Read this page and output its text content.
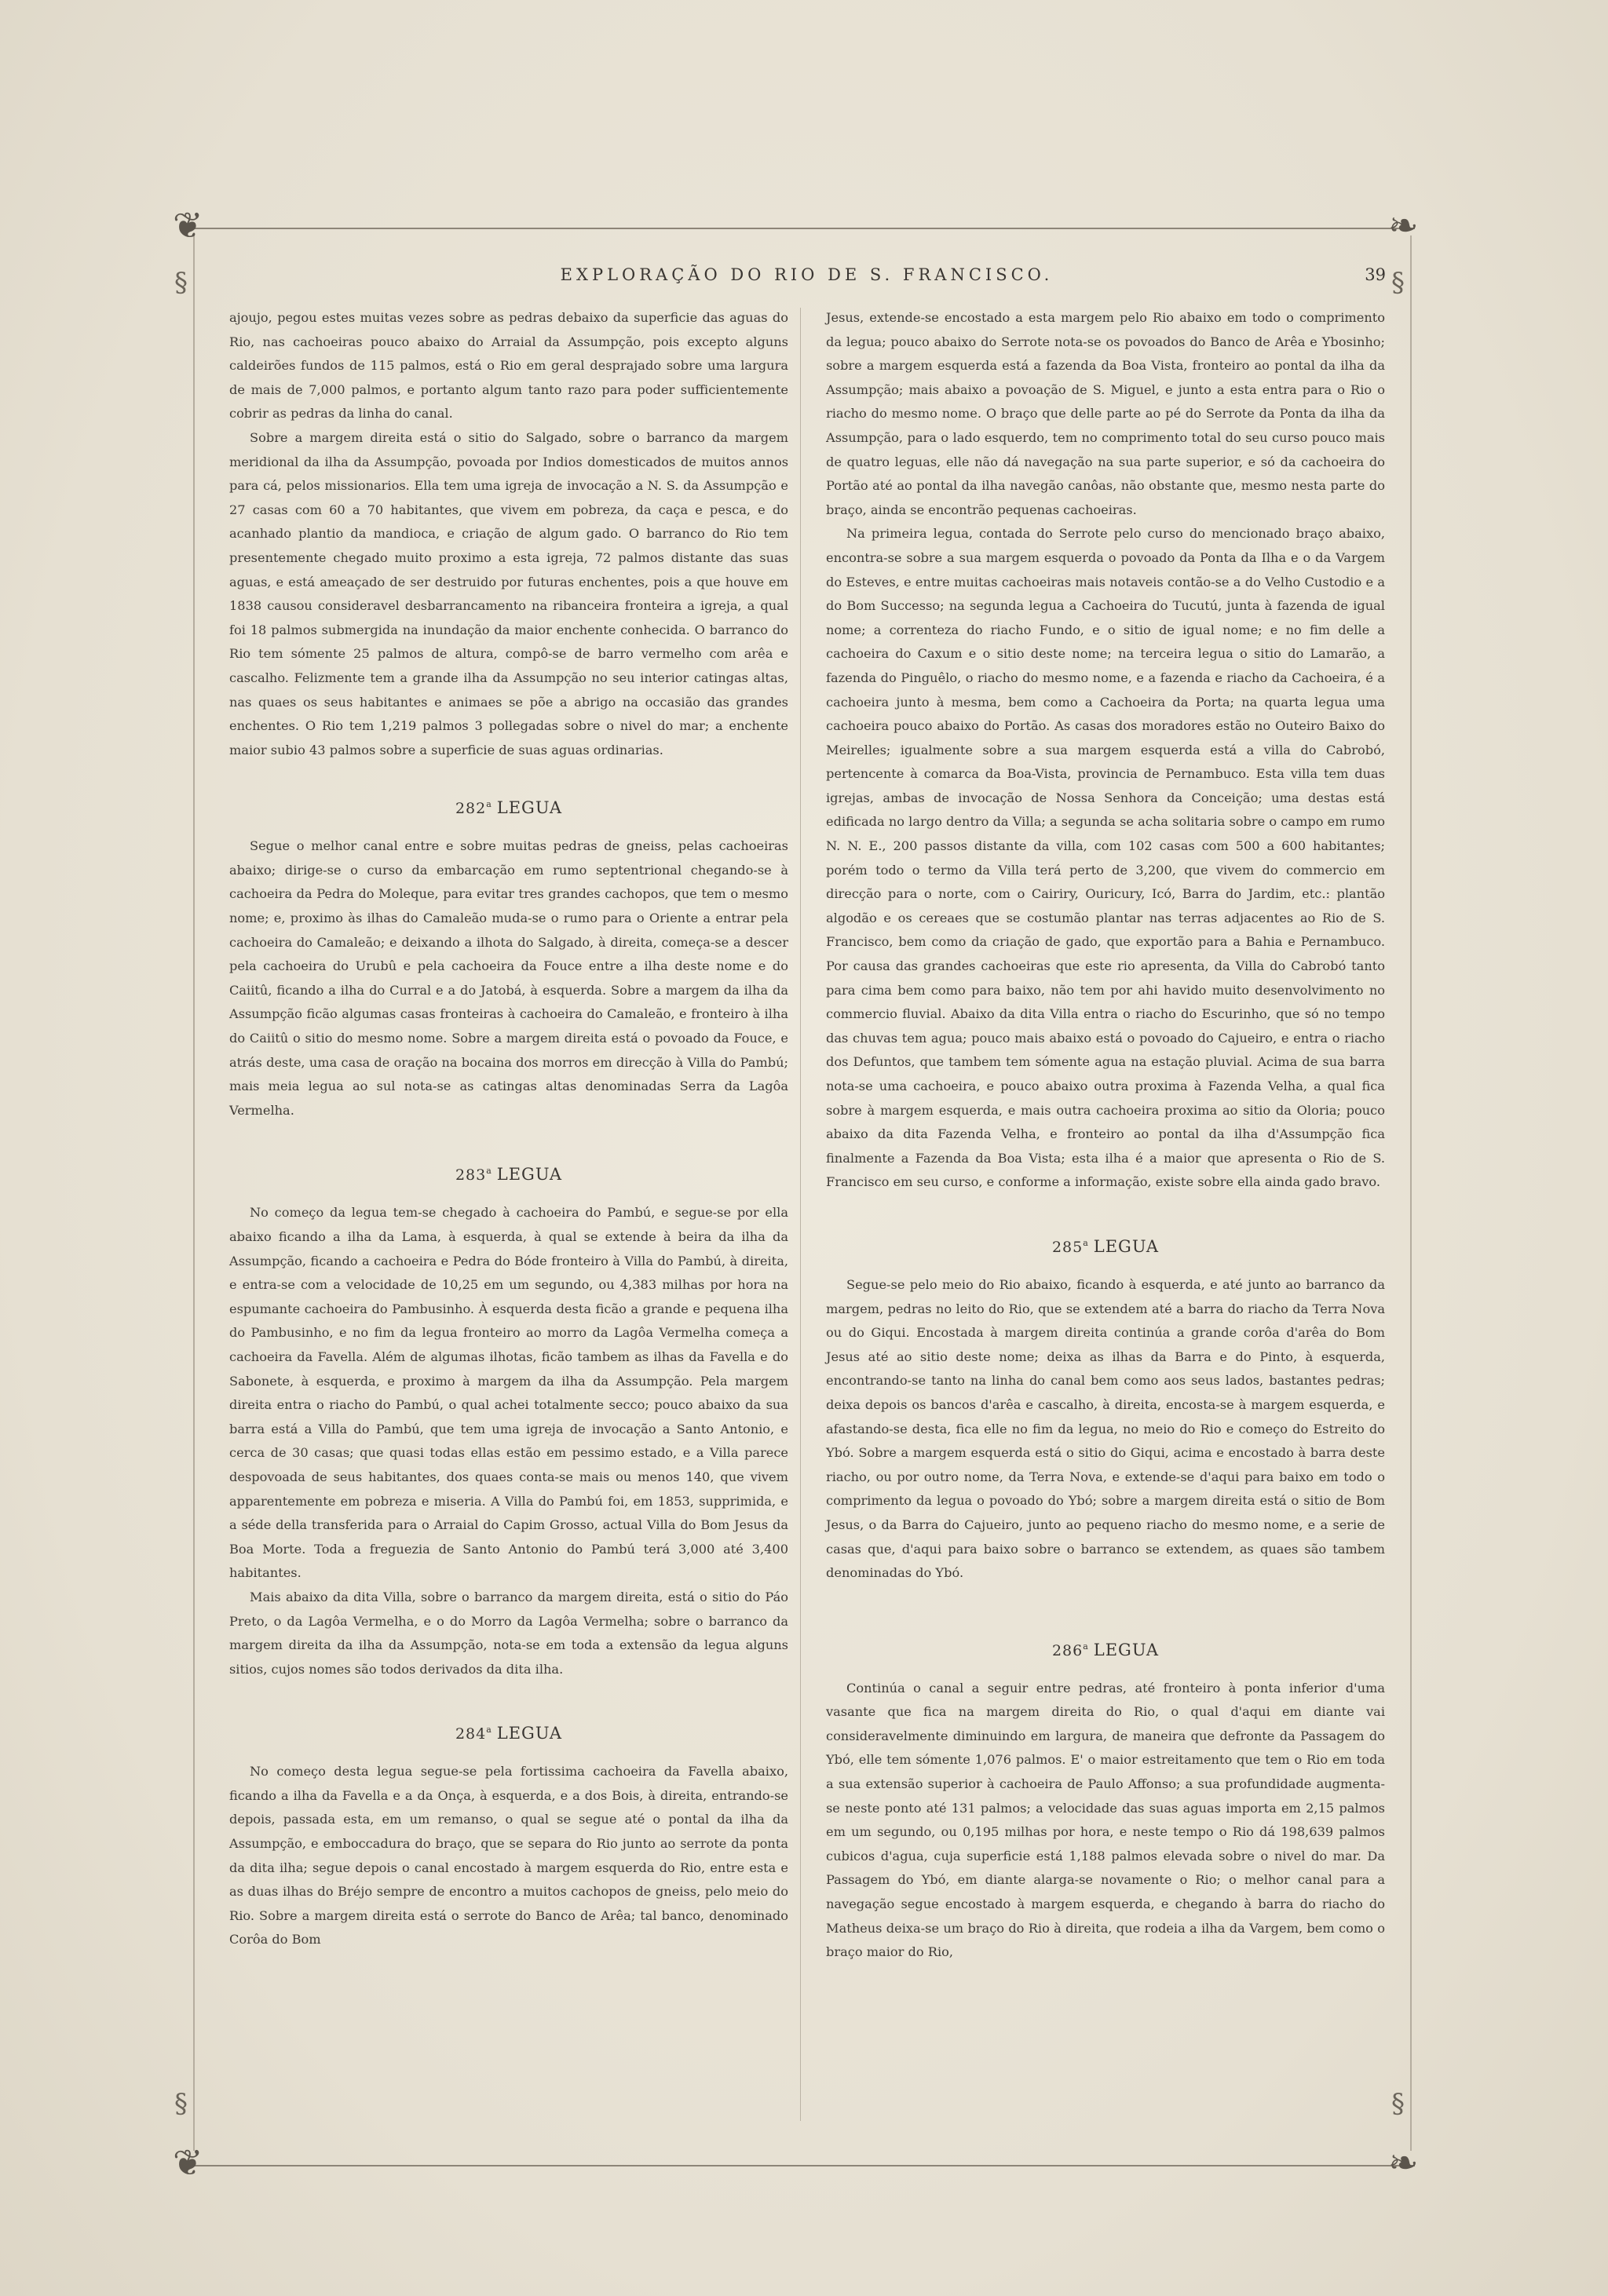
❦	❧
❦	❧
§	§
§	§
EXPLORAÇÃO DO RIO DE S. FRANCISCO.	39

ajoujo, pegou estes muitas vezes sobre as pedras debaixo da superficie das aguas do Rio, nas cachoeiras pouco abaixo do Arraial da Assumpção, pois excepto alguns caldeirões fundos de 115 palmos, está o Rio em geral desprajado sobre uma largura de mais de 7,000 palmos, e portanto algum tanto razo para poder sufficientemente cobrir as pedras da linha do canal.

Sobre a margem direita está o sitio do Salgado, sobre o barranco da margem meridional da ilha da Assumpção, povoada por Indios domesticados de muitos annos para cá, pelos missionarios. Ella tem uma igreja de invocação a N. S. da Assumpção e 27 casas com 60 a 70 habitantes, que vivem em pobreza, da caça e pesca, e do acanhado plantio da mandioca, e criação de algum gado. O barranco do Rio tem presentemente chegado muito proximo a esta igreja, 72 palmos distante das suas aguas, e está ameaçado de ser destruido por futuras enchentes, pois a que houve em 1838 causou consideravel desbarrancamento na ribanceira fronteira a igreja, a qual foi 18 palmos submergida na inundação da maior enchente conhecida. O barranco do Rio tem sómente 25 palmos de altura, compô-se de barro vermelho com arêa e cascalho. Felizmente tem a grande ilha da Assumpção no seu interior catingas altas, nas quaes os seus habitantes e animaes se põe a abrigo na occasião das grandes enchentes. O Rio tem 1,219 palmos 3 pollegadas sobre o nivel do mar; a enchente maior subio 43 palmos sobre a superficie de suas aguas ordinarias.

282$^a$ LEGUA

Segue o melhor canal entre e sobre muitas pedras de gneiss, pelas cachoeiras abaixo; dirige-se o curso da embarcação em rumo septentrional chegando-se à cachoeira da Pedra do Moleque, para evitar tres grandes cachopos, que tem o mesmo nome; e, proximo às ilhas do Camaleão muda-se o rumo para o Oriente a entrar pela cachoeira do Camaleão; e deixando a ilhota do Salgado, à direita, começa-se a descer pela cachoeira do Urubû e pela cachoeira da Fouce entre a ilha deste nome e do Caiitû, ficando a ilha do Curral e a do Jatobá, à esquerda. Sobre a margem da ilha da Assumpção ficão algumas casas fronteiras à cachoeira do Camaleão, e fronteiro à ilha do Caiitû o sitio do mesmo nome. Sobre a margem direita está o povoado da Fouce, e atrás deste, uma casa de oração na bocaina dos morros em direcção à Villa do Pambú; mais meia legua ao sul nota-se as catingas altas denominadas Serra da Lagôa Vermelha.

283$^a$ LEGUA

No começo da legua tem-se chegado à cachoeira do Pambú, e segue-se por ella abaixo ficando a ilha da Lama, à esquerda, à qual se extende à beira da ilha da Assumpção, ficando a cachoeira e Pedra do Bóde fronteiro à Villa do Pambú, à direita, e entra-se com a velocidade de 10,25 em um segundo, ou 4,383 milhas por hora na espumante cachoeira do Pambusinho. À esquerda desta ficão a grande e pequena ilha do Pambusinho, e no fim da legua fronteiro ao morro da Lagôa Vermelha começa a cachoeira da Favella. Além de algumas ilhotas, ficão tambem as ilhas da Favella e do Sabonete, à esquerda, e proximo à margem da ilha da Assumpção. Pela margem direita entra o riacho do Pambú, o qual achei totalmente secco; pouco abaixo da sua barra está a Villa do Pambú, que tem uma igreja de invocação a Santo Antonio, e cerca de 30 casas; que quasi todas ellas estão em pessimo estado, e a Villa parece despovoada de seus habitantes, dos quaes conta-se mais ou menos 140, que vivem apparentemente em pobreza e miseria. A Villa do Pambú foi, em 1853, supprimida, e a séde della transferida para o Arraial do Capim Grosso, actual Villa do Bom Jesus da Boa Morte. Toda a freguezia de Santo Antonio do Pambú terá 3,000 até 3,400 habitantes.

Mais abaixo da dita Villa, sobre o barranco da margem direita, está o sitio do Páo Preto, o da Lagôa Vermelha, e o do Morro da Lagôa Vermelha; sobre o barranco da margem direita da ilha da Assumpção, nota-se em toda a extensão da legua alguns sitios, cujos nomes são todos derivados da dita ilha.

284$^a$ LEGUA

No começo desta legua segue-se pela fortissima cachoeira da Favella abaixo, ficando a ilha da Favella e a da Onça, à esquerda, e a dos Bois, à direita, entrando-se depois, passada esta, em um remanso, o qual se segue até o pontal da ilha da Assumpção, e emboccadura do braço, que se separa do Rio junto ao serrote da ponta da dita ilha; segue depois o canal encostado à margem esquerda do Rio, entre esta e as duas ilhas do Bréjo sempre de encontro a muitos cachopos de gneiss, pelo meio do Rio. Sobre a margem direita está o serrote do Banco de Arêa; tal banco, denominado Corôa do Bom

Jesus, extende-se encostado a esta margem pelo Rio abaixo em todo o comprimento da legua; pouco abaixo do Serrote nota-se os povoados do Banco de Arêa e Ybosinho; sobre a margem esquerda está a fazenda da Boa Vista, fronteiro ao pontal da ilha da Assumpção; mais abaixo a povoação de S. Miguel, e junto a esta entra para o Rio o riacho do mesmo nome. O braço que delle parte ao pé do Serrote da Ponta da ilha da Assumpção, para o lado esquerdo, tem no comprimento total do seu curso pouco mais de quatro leguas, elle não dá navegação na sua parte superior, e só da cachoeira do Portão até ao pontal da ilha navegão canôas, não obstante que, mesmo nesta parte do braço, ainda se encontrão pequenas cachoeiras.

Na primeira legua, contada do Serrote pelo curso do mencionado braço abaixo, encontra-se sobre a sua margem esquerda o povoado da Ponta da Ilha e o da Vargem do Esteves, e entre muitas cachoeiras mais notaveis contão-se a do Velho Custodio e a do Bom Successo; na segunda legua a Cachoeira do Tucutú, junta à fazenda de igual nome; a correnteza do riacho Fundo, e o sitio de igual nome; e no fim delle a cachoeira do Caxum e o sitio deste nome; na terceira legua o sitio do Lamarão, a fazenda do Pinguêlo, o riacho do mesmo nome, e a fazenda e riacho da Cachoeira, é a cachoeira junto à mesma, bem como a Cachoeira da Porta; na quarta legua uma cachoeira pouco abaixo do Portão. As casas dos moradores estão no Outeiro Baixo do Meirelles; igualmente sobre a sua margem esquerda está a villa do Cabrobó, pertencente à comarca da Boa-Vista, provincia de Pernambuco. Esta villa tem duas igrejas, ambas de invocação de Nossa Senhora da Conceição; uma destas está edificada no largo dentro da Villa; a segunda se acha solitaria sobre o campo em rumo N. N. E., 200 passos distante da villa, com 102 casas com 500 a 600 habitantes; porém todo o termo da Villa terá perto de 3,200, que vivem do commercio em direcção para o norte, com o Cairiry, Ouricury, Icó, Barra do Jardim, etc.: plantão algodão e os cereaes que se costumão plantar nas terras adjacentes ao Rio de S. Francisco, bem como da criação de gado, que exportão para a Bahia e Pernambuco. Por causa das grandes cachoeiras que este rio apresenta, da Villa do Cabrobó tanto para cima bem como para baixo, não tem por ahi havido muito desenvolvimento no commercio fluvial. Abaixo da dita Villa entra o riacho do Escurinho, que só no tempo das chuvas tem agua; pouco mais abaixo está o povoado do Cajueiro, e entra o riacho dos Defuntos, que tambem tem sómente agua na estação pluvial. Acima de sua barra nota-se uma cachoeira, e pouco abaixo outra proxima à Fazenda Velha, a qual fica sobre à margem esquerda, e mais outra cachoeira proxima ao sitio da Oloria; pouco abaixo da dita Fazenda Velha, e fronteiro ao pontal da ilha d'Assumpção fica finalmente a Fazenda da Boa Vista; esta ilha é a maior que apresenta o Rio de S. Francisco em seu curso, e conforme a informação, existe sobre ella ainda gado bravo.

285$^a$ LEGUA

Segue-se pelo meio do Rio abaixo, ficando à esquerda, e até junto ao barranco da margem, pedras no leito do Rio, que se extendem até a barra do riacho da Terra Nova ou do Giqui. Encostada à margem direita continúa a grande corôa d'arêa do Bom Jesus até ao sitio deste nome; deixa as ilhas da Barra e do Pinto, à esquerda, encontrando-se tanto na linha do canal bem como aos seus lados, bastantes pedras; deixa depois os bancos d'arêa e cascalho, à direita, encosta-se à margem esquerda, e afastando-se desta, fica elle no fim da legua, no meio do Rio e começo do Estreito do Ybó. Sobre a margem esquerda está o sitio do Giqui, acima e encostado à barra deste riacho, ou por outro nome, da Terra Nova, e extende-se d'aqui para baixo em todo o comprimento da legua o povoado do Ybó; sobre a margem direita está o sitio de Bom Jesus, o da Barra do Cajueiro, junto ao pequeno riacho do mesmo nome, e a serie de casas que, d'aqui para baixo sobre o barranco se extendem, as quaes são tambem denominadas do Ybó.

286$^a$ LEGUA

Continúa o canal a seguir entre pedras, até fronteiro à ponta inferior d'uma vasante que fica na margem direita do Rio, o qual d'aqui em diante vai consideravelmente diminuindo em largura, de maneira que defronte da Passagem do Ybó, elle tem sómente 1,076 palmos. E' o maior estreitamento que tem o Rio em toda a sua extensão superior à cachoeira de Paulo Affonso; a sua profundidade augmenta-se neste ponto até 131 palmos; a velocidade das suas aguas importa em 2,15 palmos em um segundo, ou 0,195 milhas por hora, e neste tempo o Rio dá 198,639 palmos cubicos d'agua, cuja superficie está 1,188 palmos elevada sobre o nivel do mar. Da Passagem do Ybó, em diante alarga-se novamente o Rio; o melhor canal para a navegação segue encostado à margem esquerda, e chegando à barra do riacho do Matheus deixa-se um braço do Rio à direita, que rodeia a ilha da Vargem, bem como o braço maior do Rio,
